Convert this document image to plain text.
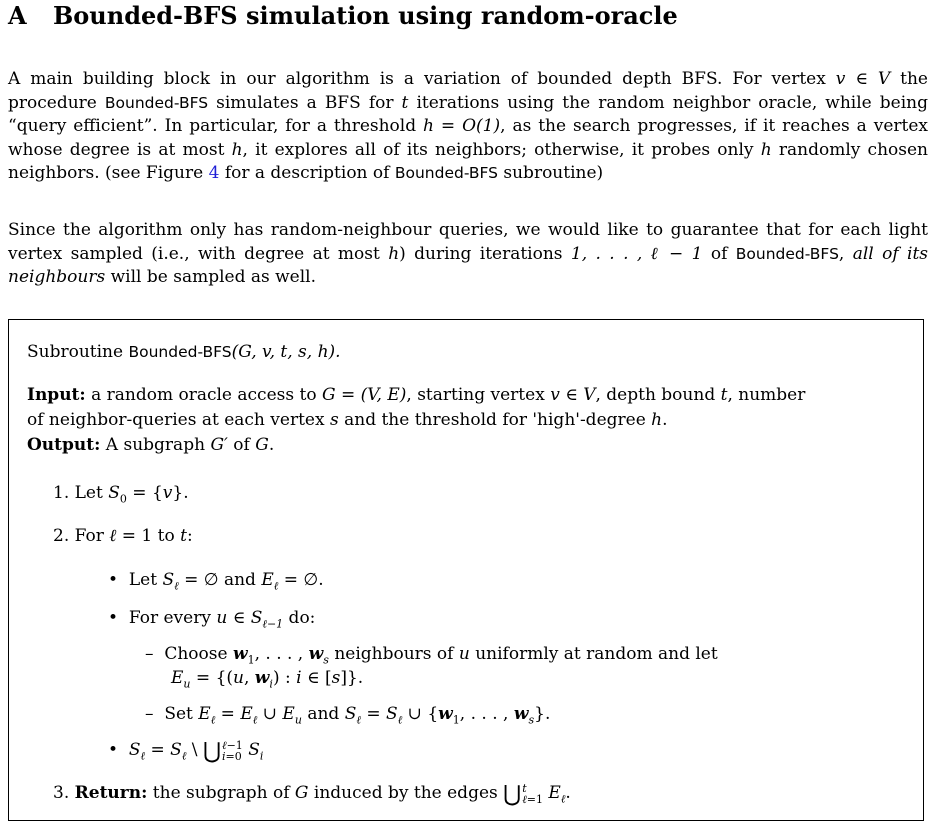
A Bounded-BFS simulation using random-oracle
A main building block in our algorithm is a variation of bounded depth BFS. For vertex v ∈ V the procedure Bounded-BFS simulates a BFS for t iterations using the random neighbor oracle, while being “query efficient”. In particular, for a threshold h = O(1), as the search progresses, if it reaches a vertex whose degree is at most h, it explores all of its neighbors; otherwise, it probes only h randomly chosen neighbors. (see Figure 4 for a description of Bounded-BFS subroutine)
Since the algorithm only has random-neighbour queries, we would like to guarantee that for each light vertex sampled (i.e., with degree at most h) during iterations 1, . . . , ℓ − 1 of Bounded-BFS, all of its neighbours will be sampled as well.
Subroutine Bounded-BFS(G, v, t, s, h).
Input: a random oracle access to G = (V, E), starting vertex v ∈ V, depth bound t, number
of neighbor-queries at each vertex s and the threshold for 'high'-degree h.
Output: A subgraph G′ of G.
1. Let $S_0 = \{v\}$.
2. For ℓ = 1 to t:
• Let $S_\ell$ = ∅ and $E_\ell$ = ∅.
• For every u ∈ $S_{\ell-1}$ do:
–  Choose $w_1$, . . . , $w_s$ neighbours of u uniformly at random and let
$E_u = \{(u$, $w_i$) : i ∈ [s]}.
–  Set $E_\ell = E_\ell$ ∪ $E_u$ and $S_\ell = S_\ell$ ∪ {$w_1$, . . . , $w_s$}.
• $S_\ell = S_\ell$ \ ⋃ℓ−1
i=0 $S_i$
3. Return: the subgraph of G induced by the edges ⋃t
ℓ=1 $E_\ell$.
